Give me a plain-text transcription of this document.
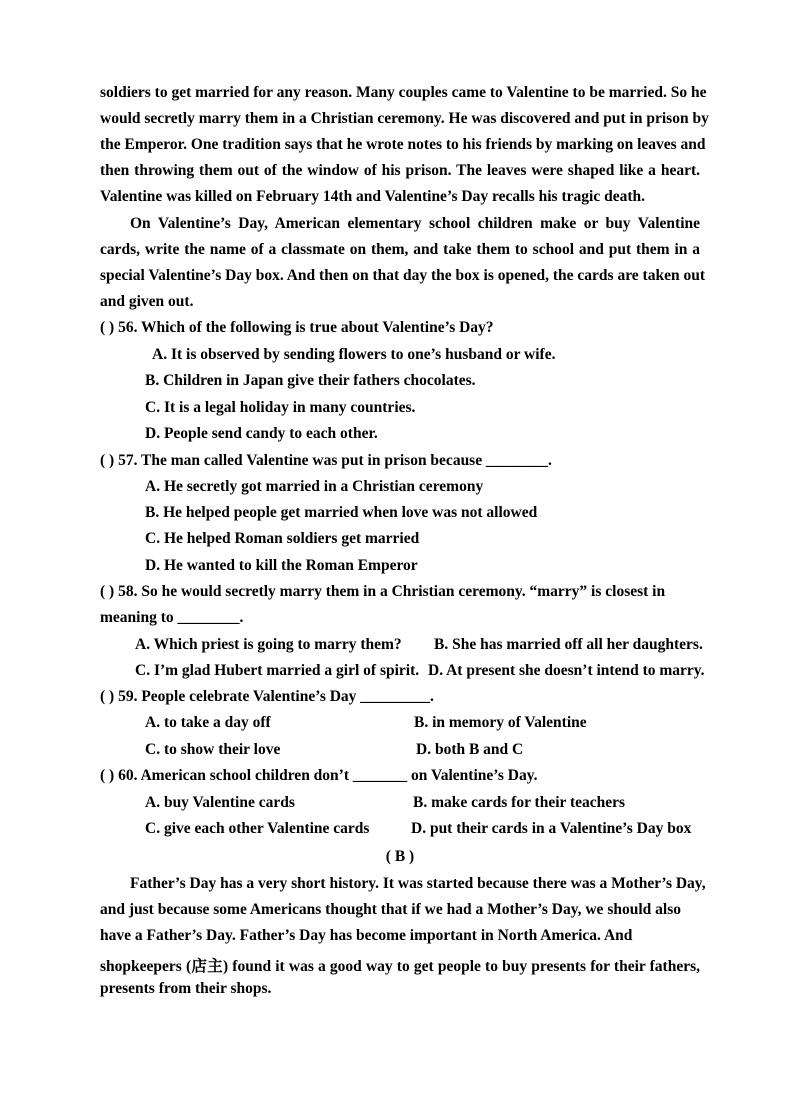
soldiers to get married for any reason. Many couples came to Valentine to be married. So he
would secretly marry them in a Christian ceremony. He was discovered and put in prison by
the Emperor. One tradition says that he wrote notes to his friends by marking on leaves and
then throwing them out of the window of his prison. The leaves were shaped like a heart.
Valentine was killed on February 14th and Valentine’s Day recalls his tragic death.
On Valentine’s Day, American elementary school children make or buy Valentine
cards, write the name of a classmate on them, and take them to school and put them in a
special Valentine’s Day box. And then on that day the box is opened, the cards are taken out
and given out.
( ) 56. Which of the following is true about Valentine’s Day?
A. It is observed by sending flowers to one’s husband or wife.
B. Children in Japan give their fathers chocolates.
C. It is a legal holiday in many countries.
D. People send candy to each other.
( ) 57. The man called Valentine was put in prison because ________.
A. He secretly got married in a Christian ceremony
B. He helped people get married when love was not allowed
C. He helped Roman soldiers get married
D. He wanted to kill the Roman Emperor
( ) 58. So he would secretly marry them in a Christian ceremony. “marry” is closest in
meaning to ________.
A. Which priest is going to marry them? B. She has married off all her daughters.
C. I’m glad Hubert married a girl of spirit. D. At present she doesn’t intend to marry.
( ) 59. People celebrate Valentine’s Day _________.
A. to take a day off	B. in memory of Valentine
C. to show their love	D. both B and C
( ) 60. American school children don’t _______ on Valentine’s Day.
A. buy Valentine cards	B. make cards for their teachers
C. give each other Valentine cards	D. put their cards in a Valentine’s Day box
( B )
Father’s Day has a very short history. It was started because there was a Mother’s Day,
and just because some Americans thought that if we had a Mother’s Day, we should also
have a Father’s Day. Father’s Day has become important in North America. And
shopkeepers (店主) found it was a good way to get people to buy presents for their fathers,
presents from their shops.
